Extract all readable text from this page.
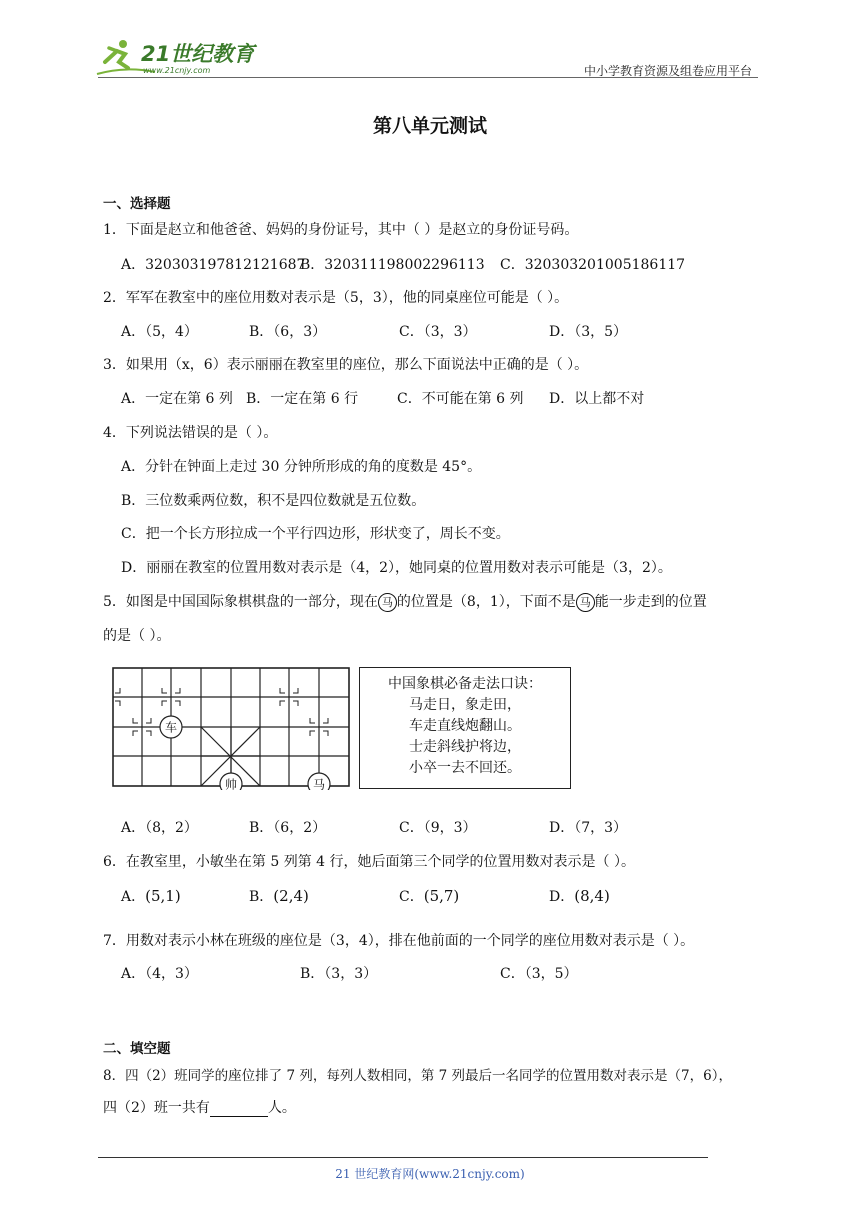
21世纪教育
www.21cnjy.com	中小学教育资源及组卷应用平台
第八单元测试
一、选择题
1．下面是赵立和他爸爸、妈妈的身份证号，其中（ ）是赵立的身份证号码。
A．320303197812121687
B．320311198002296113 C．320303201005186117
2．军军在教室中的座位用数对表示是（5，3），他的同桌座位可能是（ ）。
A．（5，4）	B．（6，3）	C．（3，3）	D．（3，5）
3．如果用（x，6）表示丽丽在教室里的座位，那么下面说法中正确的是（ ）。
A．一定在第 6 列 B．一定在第 6 行	C．不可能在第 6 列 D．以上都不对
4．下列说法错误的是（ ）。
A．分针在钟面上走过 30 分钟所形成的角的度数是 45°。
B．三位数乘两位数，积不是四位数就是五位数。
C．把一个长方形拉成一个平行四边形，形状变了，周长不变。
D．丽丽在教室的位置用数对表示是（4，2），她同桌的位置用数对表示可能是（3，2）。
5．如图是中国国际象棋棋盘的一部分，现在 马 的位置是（8，1），下面不是 马 能一步走到的位置
的是（ ）。
车
帅	马
中国象棋必备走法口诀：
马走日，象走田，
车走直线炮翻山。
士走斜线护将边，
小卒一去不回还。
A．（8，2）	B．（6，2）	C．（9，3）	D．（7，3）
6．在教室里，小敏坐在第 5 列第 4 行，她后面第三个同学的位置用数对表示是（ ）。
A．(5,1)	B．(2,4)	C．(5,7)	D．(8,4)
7．用数对表示小林在班级的座位是（3，4），排在他前面的一个同学的座位用数对表示是（ ）。
A．（4，3）	B．（3，3）	C．（3，5）
二、填空题
8．四（2）班同学的座位排了 7 列，每列人数相同，第 7 列最后一名同学的位置用数对表示是（7，6），
四（2）班一共有	人。
21 世纪教育网(www.21cnjy.com)
